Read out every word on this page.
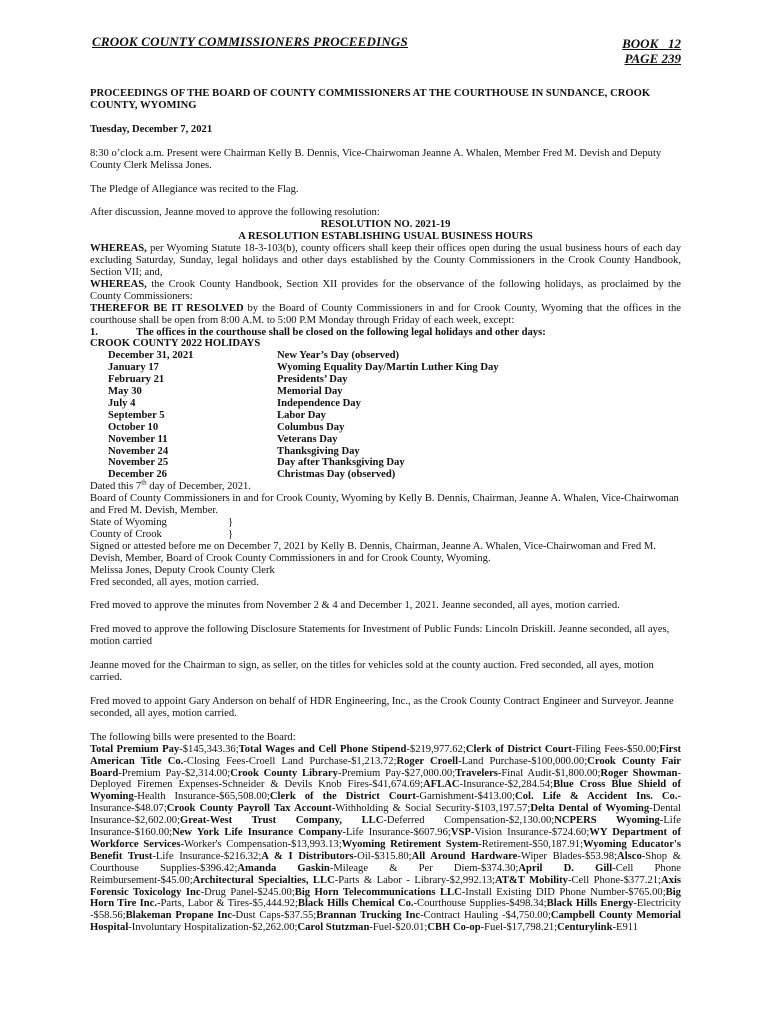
CROOK COUNTY COMMISSIONERS PROCEEDINGS	BOOK   12
PAGE 239

PROCEEDINGS OF THE BOARD OF COUNTY COMMISSIONERS AT THE COURTHOUSE IN SUNDANCE, CROOK COUNTY, WYOMING

Tuesday, December 7, 2021

8:30 o’clock a.m. Present were Chairman Kelly B. Dennis, Vice-Chairwoman Jeanne A. Whalen, Member Fred M. Devish and Deputy County Clerk Melissa Jones.

The Pledge of Allegiance was recited to the Flag.

After discussion, Jeanne moved to approve the following resolution:

RESOLUTION NO. 2021-19

A RESOLUTION ESTABLISHING USUAL BUSINESS HOURS

WHEREAS, per Wyoming Statute 18-3-103(b), county officers shall keep their offices open during the usual business hours of each day excluding Saturday, Sunday, legal holidays and other days established by the County Commissioners in the Crook County Handbook, Section VII; and,

WHEREAS, the Crook County Handbook, Section XII provides for the observance of the following holidays, as proclaimed by the County Commissioners:

THEREFOR BE IT RESOLVED by the Board of County Commissioners in and for Crook County, Wyoming that the offices in the courthouse shall be open from 8:00 A.M. to 5:00 P.M Monday through Friday of each week, except:

1.	The offices in the courthouse shall be closed on the following legal holidays and other days:

CROOK COUNTY 2022 HOLIDAYS

December 31, 2021	New Year’s Day (observed)
January 17	Wyoming Equality Day/Martin Luther King Day
February 21	Presidents’ Day
May 30	Memorial Day
July 4	Independence Day
September 5	Labor Day
October 10	Columbus Day
November 11	Veterans Day
November 24	Thanksgiving Day
November 25	Day after Thanksgiving Day
December 26	Christmas Day (observed)

Dated this 7th day of December, 2021.

Board of County Commissioners in and for Crook County, Wyoming by Kelly B. Dennis, Chairman, Jeanne A. Whalen, Vice-Chairwoman and Fred M. Devish, Member.

State of Wyoming	}

County of Crook	}

Signed or attested before me on December 7, 2021 by Kelly B. Dennis, Chairman, Jeanne A. Whalen, Vice-Chairwoman and Fred M. Devish, Member, Board of Crook County Commissioners in and for Crook County, Wyoming.

Melissa Jones, Deputy Crook County Clerk

Fred seconded, all ayes, motion carried.

Fred moved to approve the minutes from November 2 & 4 and December 1, 2021. Jeanne seconded, all ayes, motion carried.

Fred moved to approve the following Disclosure Statements for Investment of Public Funds: Lincoln Driskill. Jeanne seconded, all ayes, motion carried

Jeanne moved for the Chairman to sign, as seller, on the titles for vehicles sold at the county auction. Fred seconded, all ayes, motion carried.

Fred moved to appoint Gary Anderson on behalf of HDR Engineering, Inc., as the Crook County Contract Engineer and Surveyor. Jeanne seconded, all ayes, motion carried.

The following bills were presented to the Board:

Total Premium Pay-$145,343.36;Total Wages and Cell Phone Stipend-$219,977.62;Clerk of District Court-Filing Fees-$50.00;First American Title Co.-Closing Fees-Croell Land Purchase-$1,213.72;Roger Croell-Land Purchase-$100,000.00;Crook County Fair Board-Premium Pay-$2,314.00;Crook County Library-Premium Pay-$27,000.00;Travelers-Final Audit-$1,800.00;Roger Showman-Deployed Firemen Expenses-Schneider & Devils Knob Fires-$41,674.69;AFLAC-Insurance-$2,284.54;Blue Cross Blue Shield of Wyoming-Health Insurance-$65,508.00;Clerk of the District Court-Garnishment-$413.00;Col. Life & Accident Ins. Co.-Insurance-$48.07;Crook County Payroll Tax Account-Withholding & Social Security-$103,197.57;Delta Dental of Wyoming-Dental Insurance-$2,602.00;Great-West Trust Company, LLC-Deferred Compensation-$2,130.00;NCPERS Wyoming-Life Insurance-$160.00;New York Life Insurance Company-Life Insurance-$607.96;VSP-Vision Insurance-$724.60;WY Department of Workforce Services-Worker's Compensation-$13,993.13;Wyoming Retirement System-Retirement-$50,187.91;Wyoming Educator's Benefit Trust-Life Insurance-$216.32;A & I Distributors-Oil-$315.80;All Around Hardware-Wiper Blades-$53.98;Alsco-Shop & Courthouse Supplies-$396.42;Amanda Gaskin-Mileage & Per Diem-$374.30;April D. Gill-Cell Phone Reimbursement-$45.00;Architectural Specialties, LLC-Parts & Labor - Library-$2,992.13;AT&T Mobility-Cell Phone-$377.21;Axis Forensic Toxicology Inc-Drug Panel-$245.00;Big Horn Telecommunications LLC-Install Existing DID Phone Number-$765.00;Big Horn Tire Inc.-Parts, Labor & Tires-$5,444.92;Black Hills Chemical Co.-Courthouse Supplies-$498.34;Black Hills Energy-Electricity -$58.56;Blakeman Propane Inc-Dust Caps-$37.55;Brannan Trucking Inc-Contract Hauling -$4,750.00;Campbell County Memorial Hospital-Involuntary Hospitalization-$2,262.00;Carol Stutzman-Fuel-$20.01;CBH Co-op-Fuel-$17,798.21;Centurylink-E911
